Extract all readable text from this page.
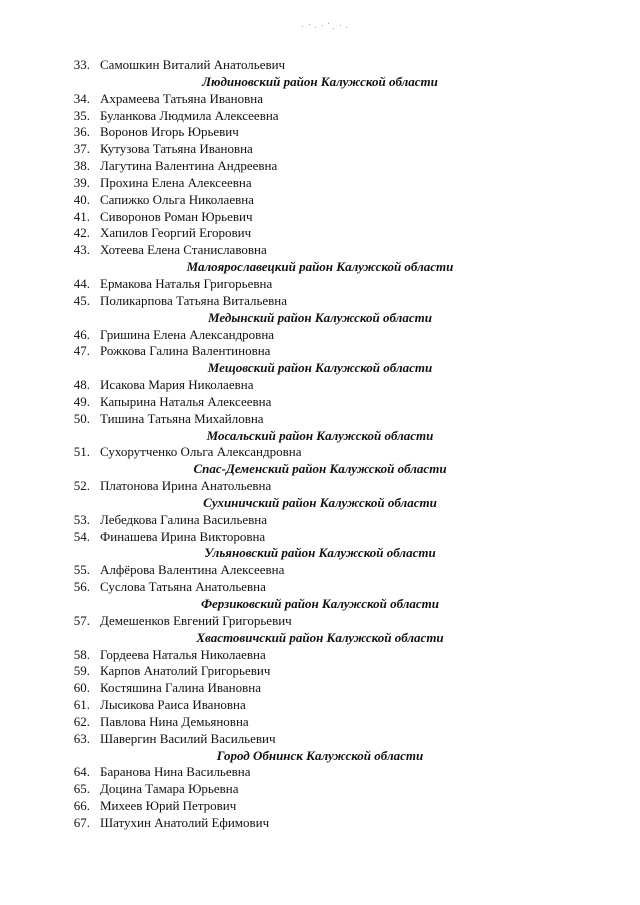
33. Самошкин Виталий Анатольевич
Людиновский район Калужской области
34. Ахрамеева Татьяна Ивановна
35. Буланкова Людмила Алексеевна
36. Воронов Игорь Юрьевич
37. Кутузова Татьяна Ивановна
38. Лагутина Валентина Андреевна
39. Прохина Елена Алексеевна
40. Сапижко Ольга Николаевна
41. Сиворонов Роман Юрьевич
42. Хапилов Георгий Егорович
43. Хотеева Елена Станиславовна
Малоярославецкий район Калужской области
44. Ермакова Наталья Григорьевна
45. Поликарпова Татьяна Витальевна
Медынский район Калужской области
46. Гришина Елена Александровна
47. Рожкова Галина Валентиновна
Мещовский район Калужской области
48. Исакова Мария Николаевна
49. Капырина Наталья Алексеевна
50. Тишина Татьяна Михайловна
Мосальский район Калужской области
51. Сухорутченко Ольга Александровна
Спас-Деменский район Калужской области
52. Платонова Ирина Анатольевна
Сухиничский район Калужской области
53. Лебедкова Галина Васильевна
54. Финашева Ирина Викторовна
Ульяновский район Калужской области
55. Алфёрова Валентина Алексеевна
56. Суслова Татьяна Анатольевна
Ферзиковский район Калужской области
57. Демешенков Евгений Григорьевич
Хвастовичский район Калужской области
58. Гордеева Наталья Николаевна
59. Карпов Анатолий Григорьевич
60. Костяшина Галина Ивановна
61. Лысикова Раиса Ивановна
62. Павлова Нина Демьяновна
63. Шавергин Василий Васильевич
Город Обнинск Калужской области
64. Баранова Нина Васильевна
65. Доцина Тамара Юрьевна
66. Михеев Юрий Петрович
67. Шатухин Анатолий Ефимович
